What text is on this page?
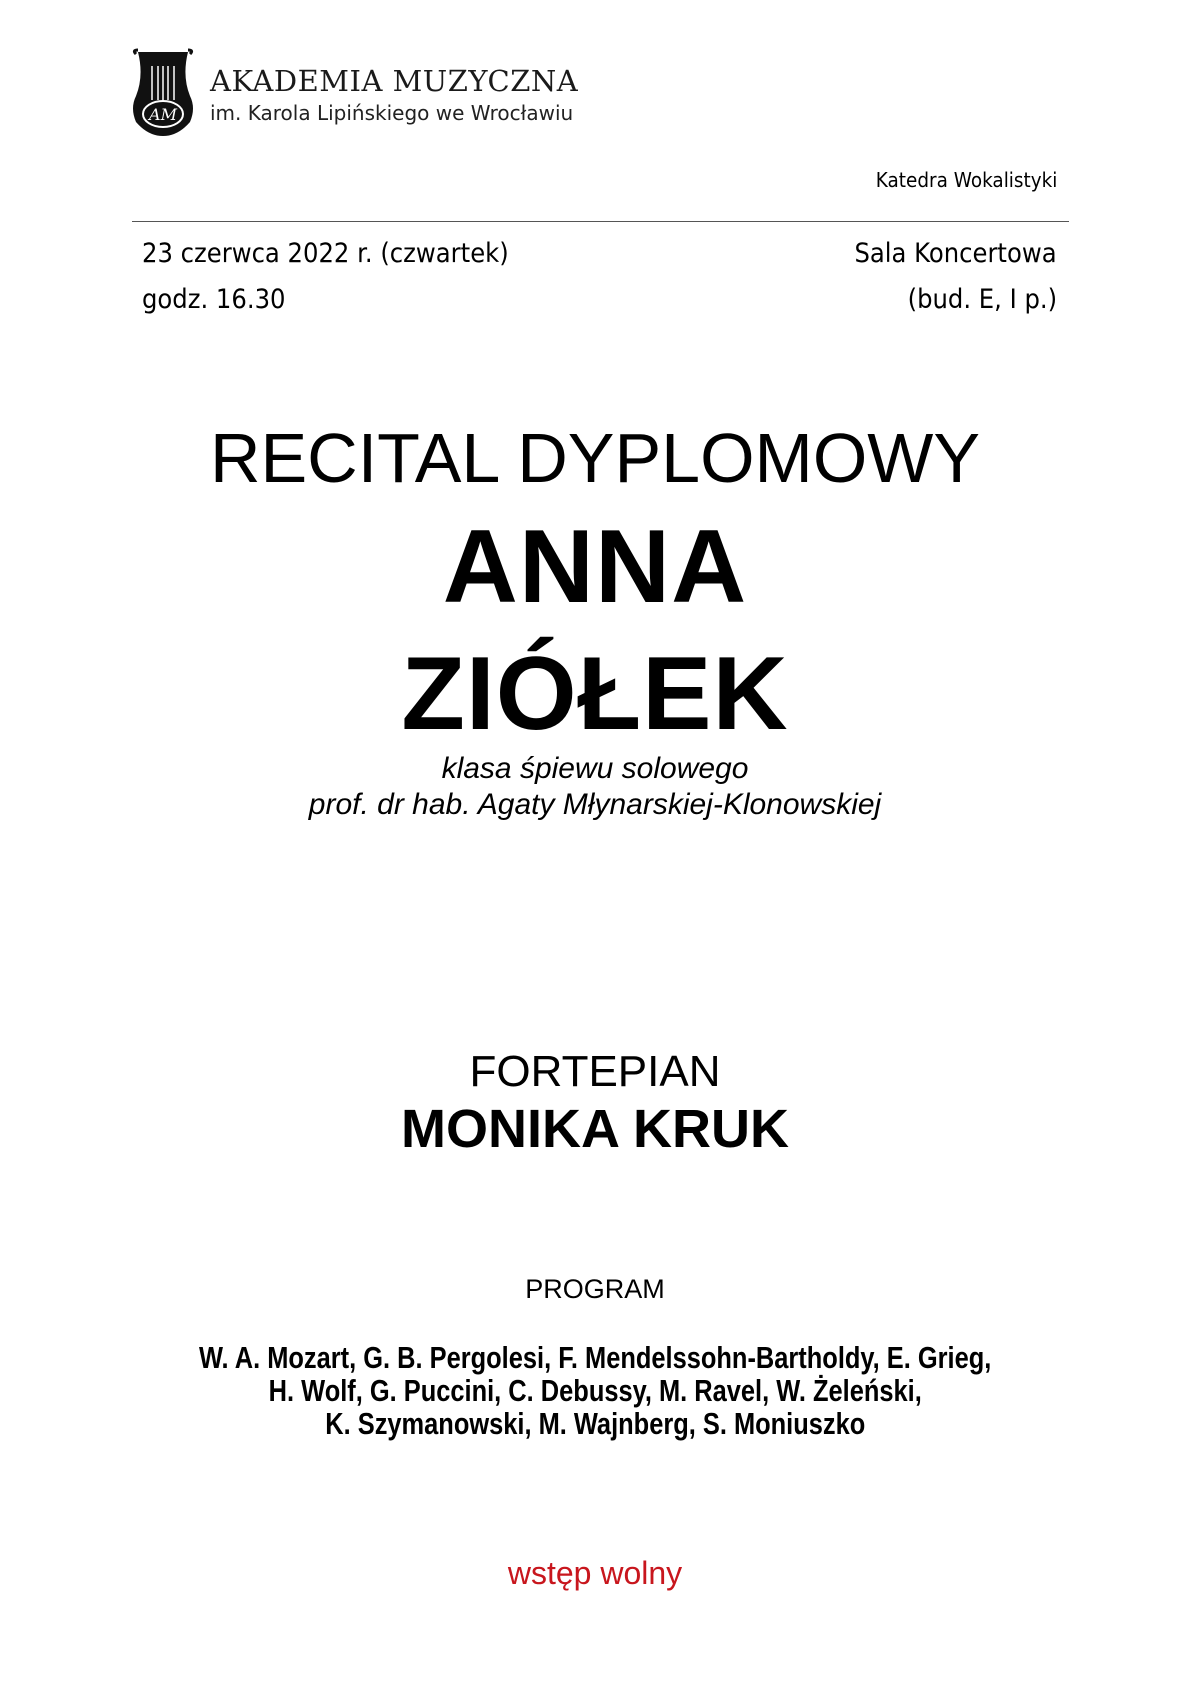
AM
AKADEMIA MUZYCZNA
im. Karola Lipińskiego we Wrocławiu
Katedra Wokalistyki
23 czerwca 2022 r. (czwartek)
godz. 16.30
Sala Koncertowa
(bud. E, I p.)
RECITAL DYPLOMOWY
ANNA
ZIÓŁEK
klasa śpiewu solowego
prof. dr hab. Agaty Młynarskiej-Klonowskiej
FORTEPIAN
MONIKA KRUK
PROGRAM
W. A. Mozart, G. B. Pergolesi, F. Mendelssohn-Bartholdy, E. Grieg,
H. Wolf, G. Puccini, C. Debussy, M. Ravel, W. Żeleński,
K. Szymanowski, M. Wajnberg, S. Moniuszko
wstęp wolny
